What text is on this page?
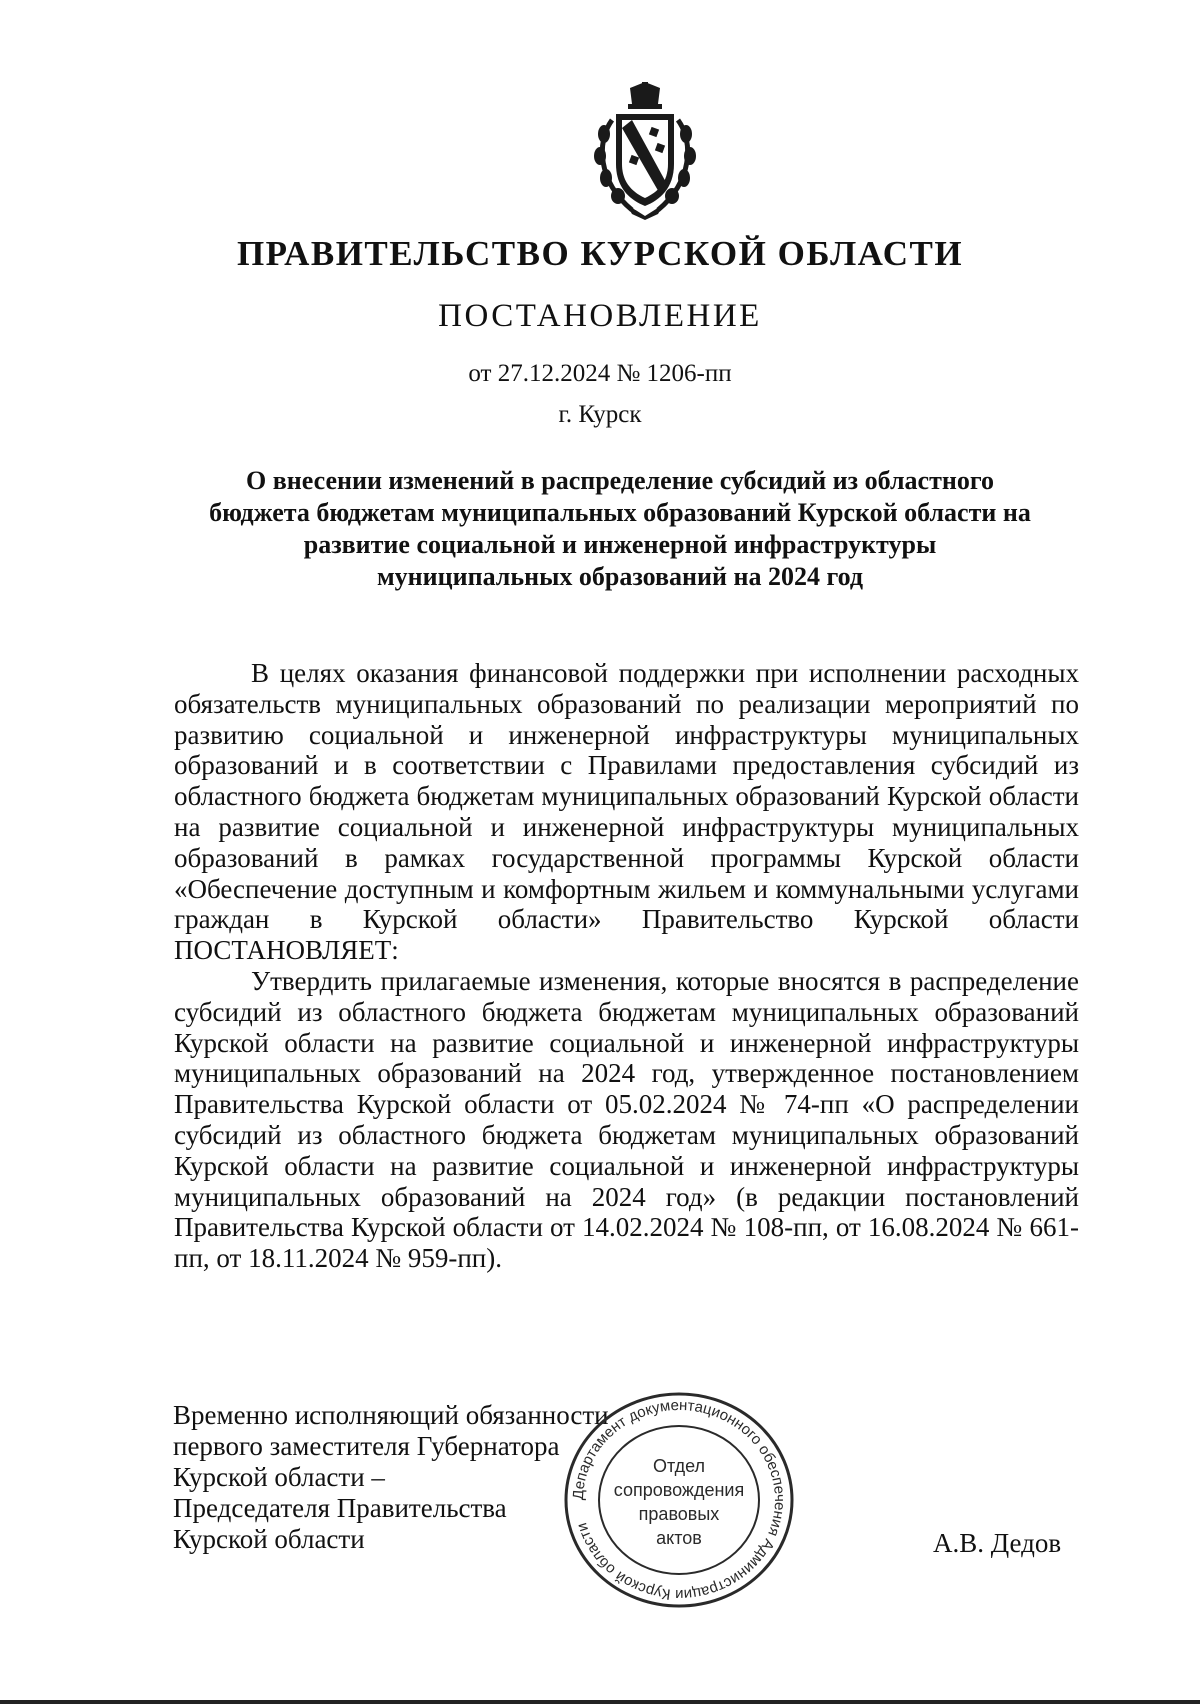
ПРАВИТЕЛЬСТВО КУРСКОЙ ОБЛАСТИ
ПОСТАНОВЛЕНИЕ
от 27.12.2024 № 1206-пп
г. Курск
О внесении изменений в распределение субсидий из областного
бюджета бюджетам муниципальных образований Курской области на
развитие социальной и инженерной инфраструктуры
муниципальных образований на 2024 год

В целях оказания финансовой поддержки при исполнении расходных обязательств муниципальных образований по реализации мероприятий по развитию социальной и инженерной инфраструктуры муниципальных образований и в соответствии с Правилами предоставления субсидий из областного бюджета бюджетам муниципальных образований Курской области на развитие социальной и инженерной инфраструктуры муниципальных образований в рамках государственной программы Курской области «Обеспечение доступным и комфортным жильем и коммунальными услугами граждан в Курской области» Правительство Курской области ПОСТАНОВЛЯЕТ:

Утвердить прилагаемые изменения, которые вносятся в распределение субсидий из областного бюджета бюджетам муниципальных образований Курской области на развитие социальной и инженерной инфраструктуры муниципальных образований на 2024 год, утвержденное постановлением Правительства Курской области от 05.02.2024 № 74-пп «О распределении субсидий из областного бюджета бюджетам муниципальных образований Курской области на развитие социальной и инженерной инфраструктуры муниципальных образований на 2024 год» (в редакции постановлений Правительства Курской области от 14.02.2024 № 108-пп, от 16.08.2024 № 661-пп, от 18.11.2024 № 959-пп).

Временно исполняющий обязанности
первого заместителя Губернатора
Курской области –
Председателя Правительства
Курской области
Департамент документационного обеспечения Администрации Курской области
Отдел
сопровождения
правовых
актов	А.В. Дедов
